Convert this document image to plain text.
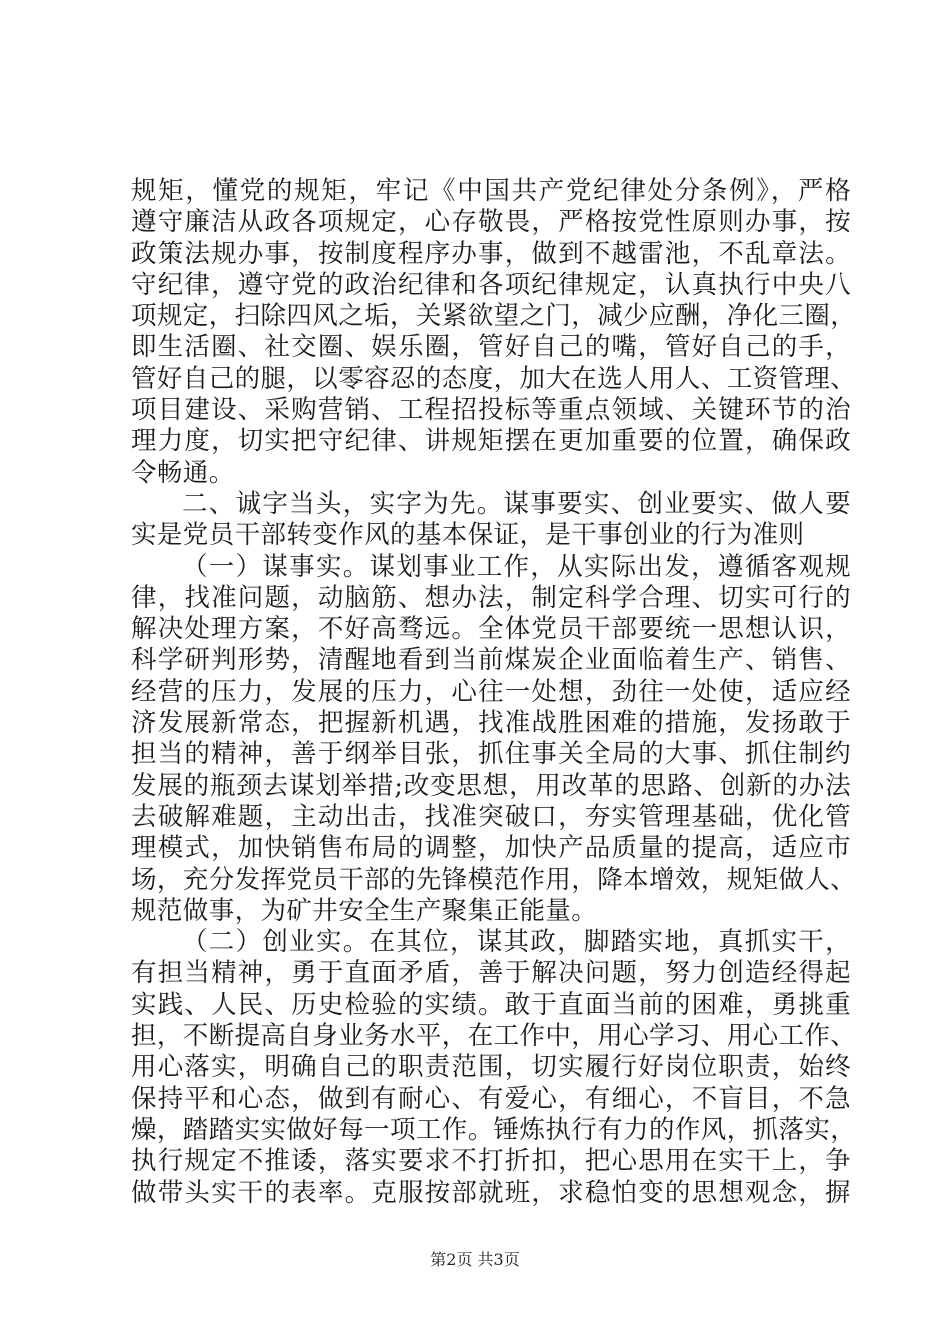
规矩，懂党的规矩，牢记《中国共产党纪律处分条例》，严格
遵守廉洁从政各项规定，心存敬畏，严格按党性原则办事，按
政策法规办事，按制度程序办事，做到不越雷池，不乱章法。
守纪律，遵守党的政治纪律和各项纪律规定，认真执行中央八
项规定，扫除四风之垢，关紧欲望之门，减少应酬，净化三圈，
即生活圈、社交圈、娱乐圈，管好自己的嘴，管好自己的手，
管好自己的腿，以零容忍的态度，加大在选人用人、工资管理、
项目建设、采购营销、工程招投标等重点领域、关键环节的治
理力度，切实把守纪律、讲规矩摆在更加重要的位置，确保政
令畅通。
二、诚字当头，实字为先。谋事要实、创业要实、做人要
实是党员干部转变作风的基本保证，是干事创业的行为准则
（一）谋事实。谋划事业工作，从实际出发，遵循客观规
律，找准问题，动脑筋、想办法，制定科学合理、切实可行的
解决处理方案，不好高骛远。全体党员干部要统一思想认识，
科学研判形势，清醒地看到当前煤炭企业面临着生产、销售、
经营的压力，发展的压力，心往一处想，劲往一处使，适应经
济发展新常态，把握新机遇，找准战胜困难的措施，发扬敢于
担当的精神，善于纲举目张，抓住事关全局的大事、抓住制约
发展的瓶颈去谋划举措;改变思想，用改革的思路、创新的办法
去破解难题，主动出击，找准突破口，夯实管理基础，优化管
理模式，加快销售布局的调整，加快产品质量的提高，适应市
场，充分发挥党员干部的先锋模范作用，降本增效，规矩做人、
规范做事，为矿井安全生产聚集正能量。
（二）创业实。在其位，谋其政，脚踏实地，真抓实干，
有担当精神，勇于直面矛盾，善于解决问题，努力创造经得起
实践、人民、历史检验的实绩。敢于直面当前的困难，勇挑重
担，不断提高自身业务水平，在工作中，用心学习、用心工作、
用心落实，明确自己的职责范围，切实履行好岗位职责，始终
保持平和心态，做到有耐心、有爱心，有细心，不盲目，不急
燥，踏踏实实做好每一项工作。锤炼执行有力的作风，抓落实，
执行规定不推诿，落实要求不打折扣，把心思用在实干上，争
做带头实干的表率。克服按部就班，求稳怕变的思想观念，摒
第2页 共3页
